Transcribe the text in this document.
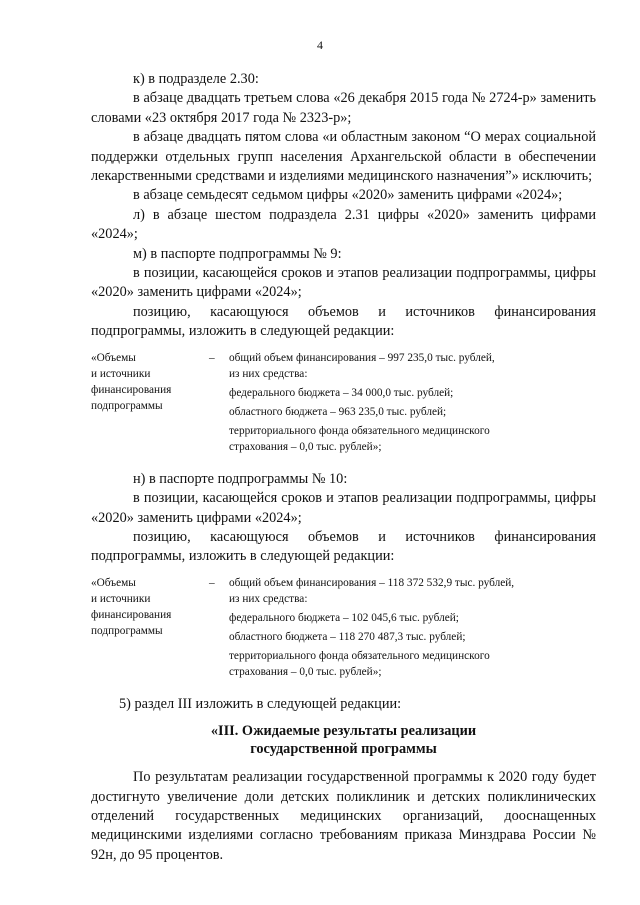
4

к) в подразделе 2.30:

в абзаце двадцать третьем слова «26 декабря 2015 года № 2724-р» заменить словами «23 октября 2017 года № 2323-р»;

в абзаце двадцать пятом слова «и областным законом “О мерах социальной поддержки отдельных групп населения Архангельской области в обеспечении лекарственными средствами и изделиями медицинского назначения”» исключить;

в абзаце семьдесят седьмом цифры «2020» заменить цифрами «2024»;

л) в абзаце шестом подраздела 2.31 цифры «2020» заменить цифрами «2024»;

м) в паспорте подпрограммы № 9:

в позиции, касающейся сроков и этапов реализации подпрограммы, цифры «2020» заменить цифрами «2024»;

позицию, касающуюся объемов и источников финансирования подпрограммы, изложить в следующей редакции:

«Объемы
и источники
финансирования
подпрограммы
–	общий объем финансирования – 997 235,0 тыс. рублей,
из них средства:
федерального бюджета – 34 000,0 тыс. рублей;
областного бюджета – 963 235,0 тыс. рублей;
территориального фонда обязательного медицинского
страхования – 0,0 тыс. рублей»;

н) в паспорте подпрограммы № 10:

в позиции, касающейся сроков и этапов реализации подпрограммы, цифры «2020» заменить цифрами «2024»;

позицию, касающуюся объемов и источников финансирования подпрограммы, изложить в следующей редакции:

«Объемы
и источники
финансирования
подпрограммы
–	общий объем финансирования – 118 372 532,9 тыс. рублей,
из них средства:
федерального бюджета – 102 045,6 тыс. рублей;
областного бюджета – 118 270 487,3 тыс. рублей;
территориального фонда обязательного медицинского
страхования – 0,0 тыс. рублей»;

5) раздел III изложить в следующей редакции:

«III. Ожидаемые результаты реализации
государственной программы

По результатам реализации государственной программы к 2020 году будет достигнуто увеличение доли детских поликлиник и детских поликлинических отделений государственных медицинских организаций, дооснащенных медицинскими изделиями согласно требованиям приказа Минздрава России № 92н, до 95 процентов.
